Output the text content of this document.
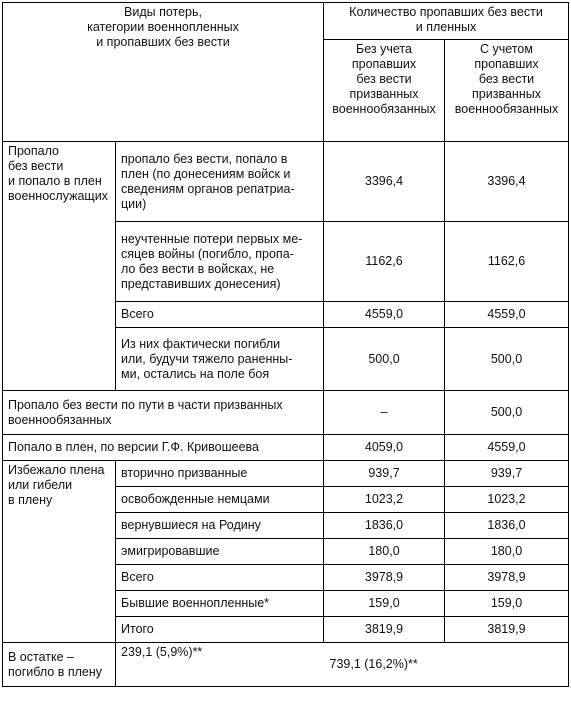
Виды потерь,
категории военнопленных
и пропавших без вести		Количество пропавших без вести
и пленных	
		Без учета
пропавших
без вести
призванных
военнообязанных	С учетом
пропавших
без вести
призванных
военнообязанных
Пропало
без вести
и попало в плен
военнослужащих	пропало без вести, попало в
плен (по донесениям войск и
сведениям органов репатриа-
ции)	3396,4	3396,4
	неучтенные потери первых ме-
сяцев войны (погибло, пропа-
ло без вести в войсках, не
представивших донесения)	1162,6	1162,6
	Всего	4559,0	4559,0
	Из них фактически погибли
или, будучи тяжело раненны-
ми, остались на поле боя	500,0	500,0
Пропало без вести по пути в части призванных
военнообязанных		–	500,0
Попало в плен, по версии Г.Ф. Кривошеева		4059,0	4559,0
Избежало плена
или гибели
в плену	вторично призванные	939,7	939,7
	освобожденные немцами	1023,2	1023,2
	вернувшиеся на Родину	1836,0	1836,0
	эмигрировавшие	180,0	180,0
	Всего	3978,9	3978,9
	Бывшие военнопленные*	159,0	159,0
	Итого	3819,9	3819,9
В остатке –
погибло в плену	239,1 (5,9%)**	739,1 (16,2%)**	
